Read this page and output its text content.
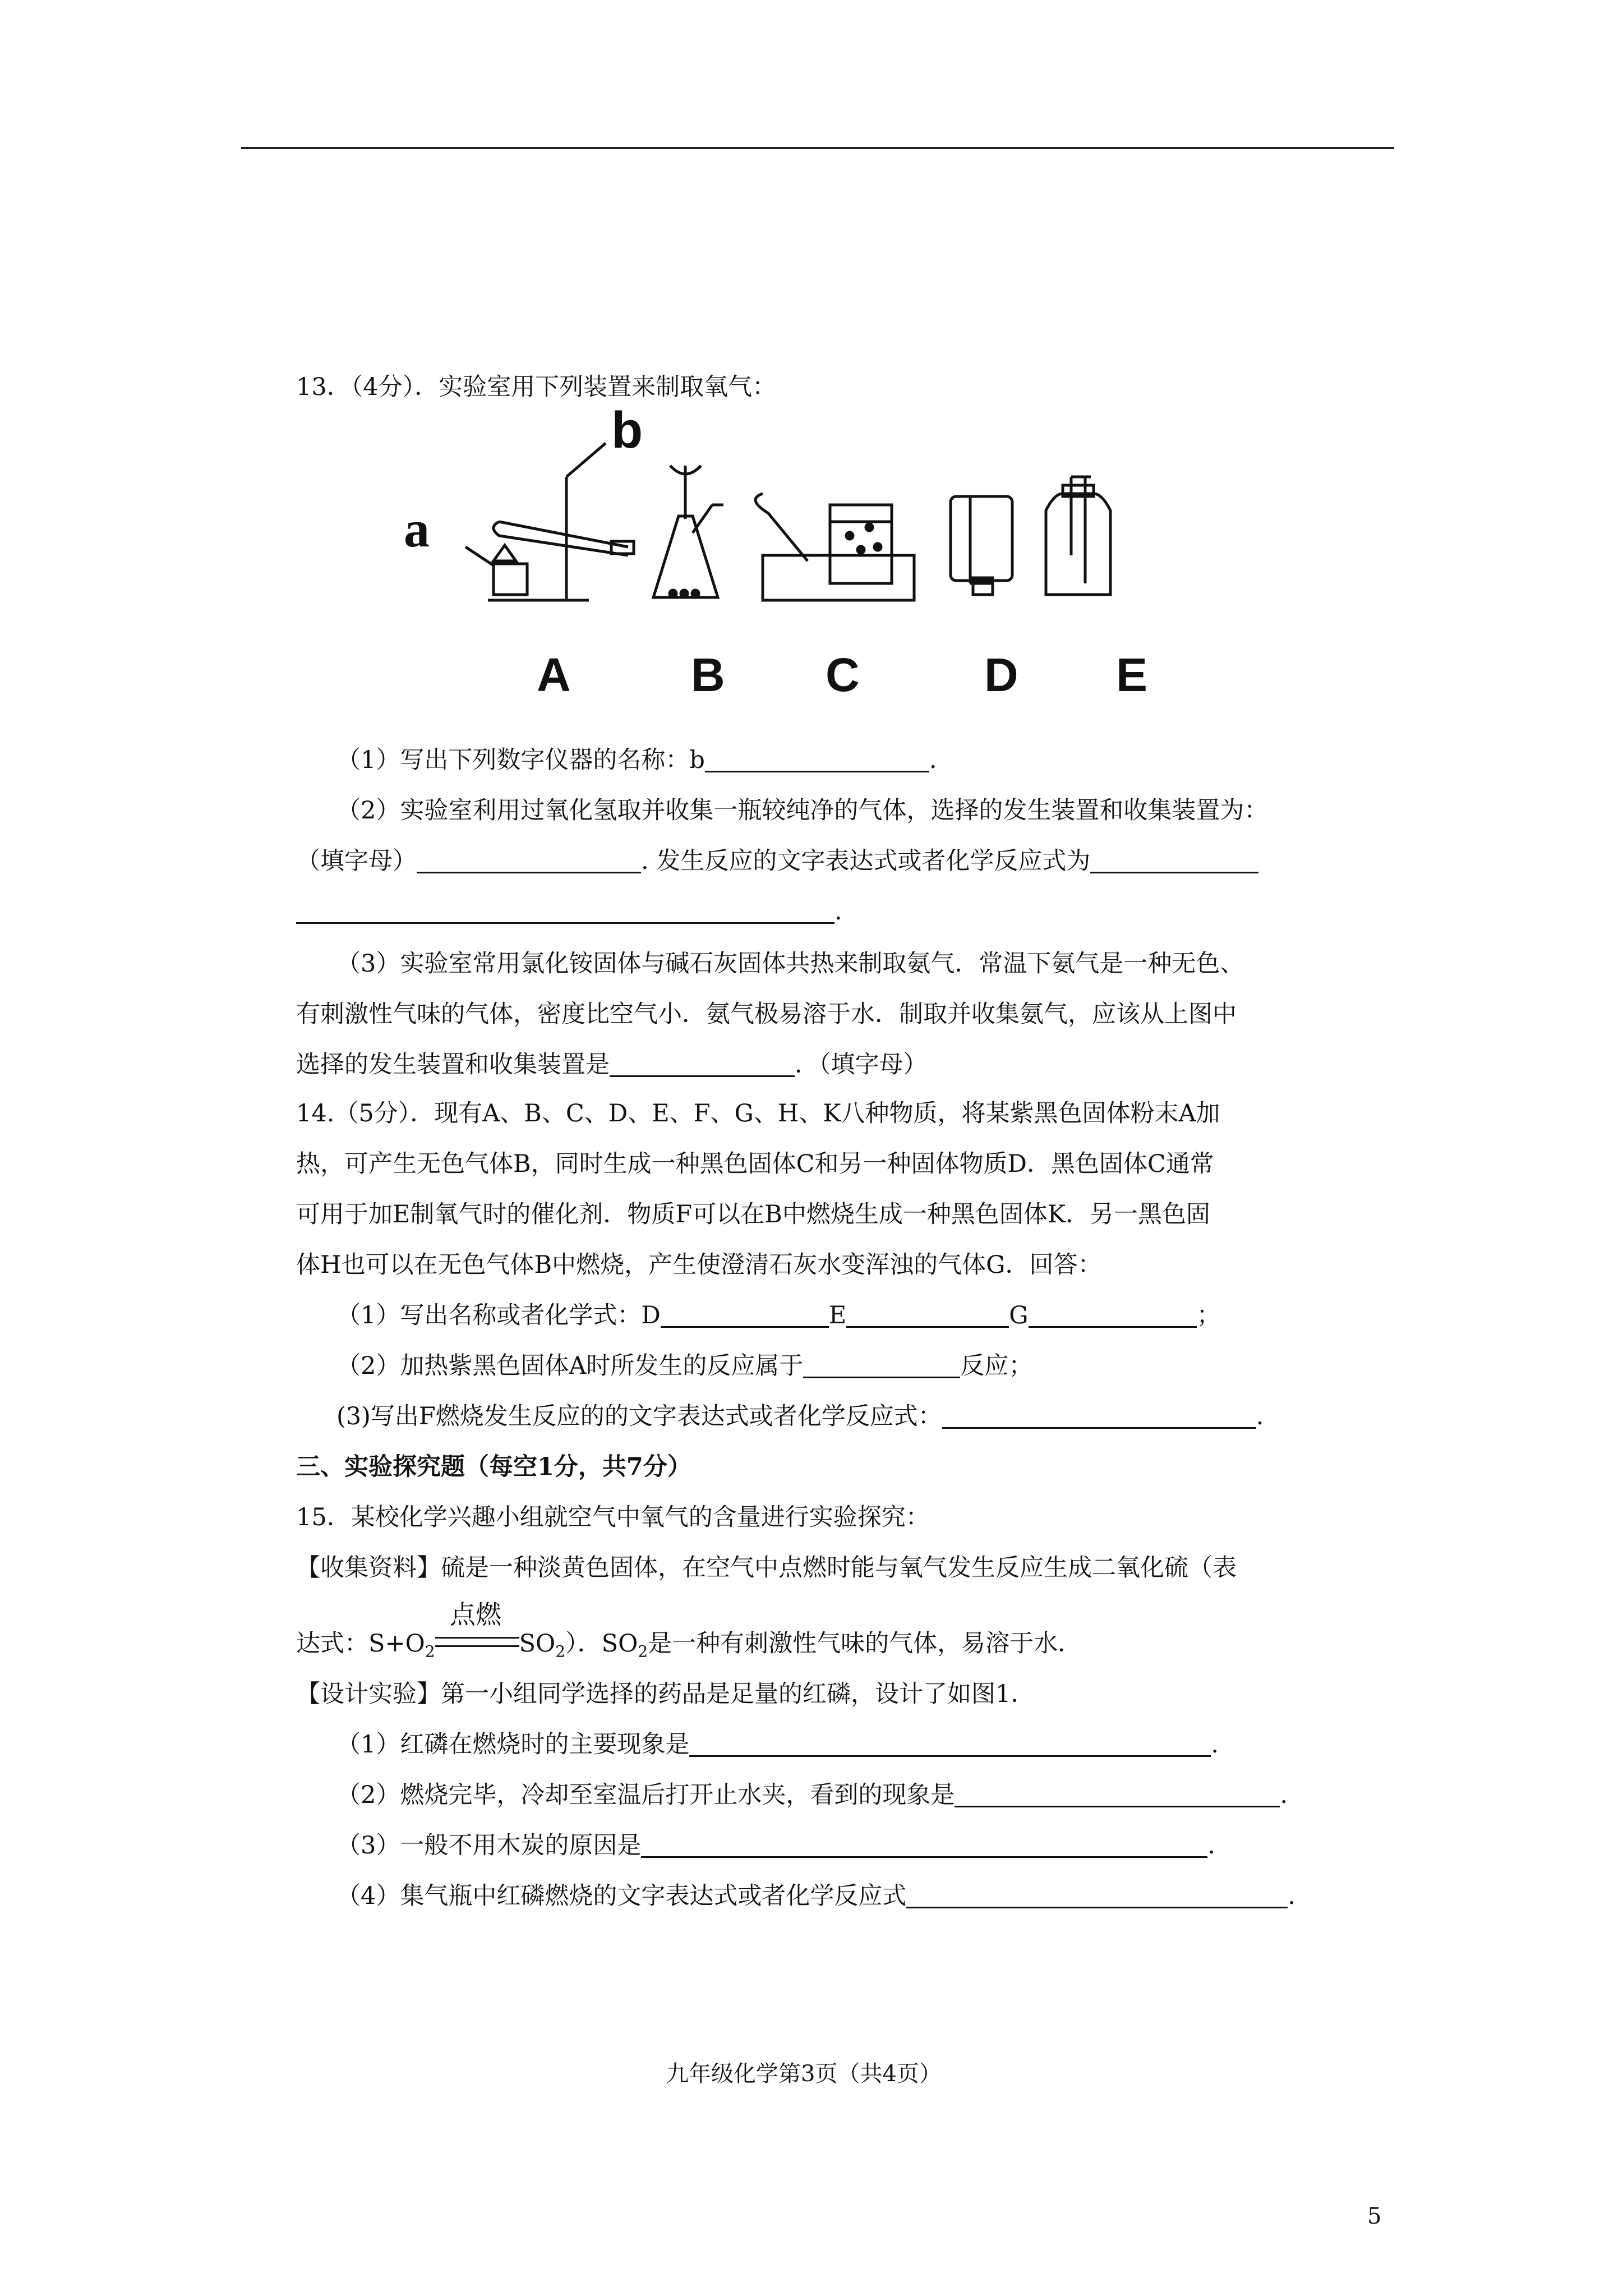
13．（4分）．实验室用下列装置来制取氧气：
a
b
A	B C	D E
（1）写出下列数字仪器的名称：b	.
（2）实验室利用过氧化氢取并收集一瓶较纯净的气体，选择的发生装置和收集装置为：
（填字母）	. 发生反应的文字表达式或者化学反应式为
.
（3）实验室常用氯化铵固体与碱石灰固体共热来制取氨气．常温下氨气是一种无色、
有刺激性气味的气体，密度比空气小．氨气极易溶于水．制取并收集氨气，应该从上图中
选择的发生装置和收集装置是	．（填字母）
14.（5分）．现有A、B、C、D、E、F、G、H、K八种物质，将某紫黑色固体粉末A加
热，可产生无色气体B，同时生成一种黑色固体C和另一种固体物质D．黑色固体C通常
可用于加E制氧气时的催化剂．物质F可以在B中燃烧生成一种黑色固体K．另一黑色固
体H也可以在无色气体B中燃烧，产生使澄清石灰水变浑浊的气体G．回答：
（1）写出名称或者化学式：D	E	G	；
（2）加热紫黑色固体A时所发生的反应属于	反应；
(3)写出F燃烧发生反应的的文字表达式或者化学反应式：	.
三、实验探究题（每空1分，共7分）
15．某校化学兴趣小组就空气中氧气的含量进行实验探究：
【收集资料】硫是一种淡黄色固体，在空气中点燃时能与氧气发生反应生成二氧化硫（表
点燃
达式：$S+O_2$	$SO_2$）．$SO_2$是一种有刺激性气味的气体，易溶于水．
【设计实验】第一小组同学选择的药品是足量的红磷，设计了如图1．
（1）红磷在燃烧时的主要现象是	.
（2）燃烧完毕，冷却至室温后打开止水夹，看到的现象是	.
（3）一般不用木炭的原因是	.
（4）集气瓶中红磷燃烧的文字表达式或者化学反应式	.
九年级化学第3页（共4页）
5
